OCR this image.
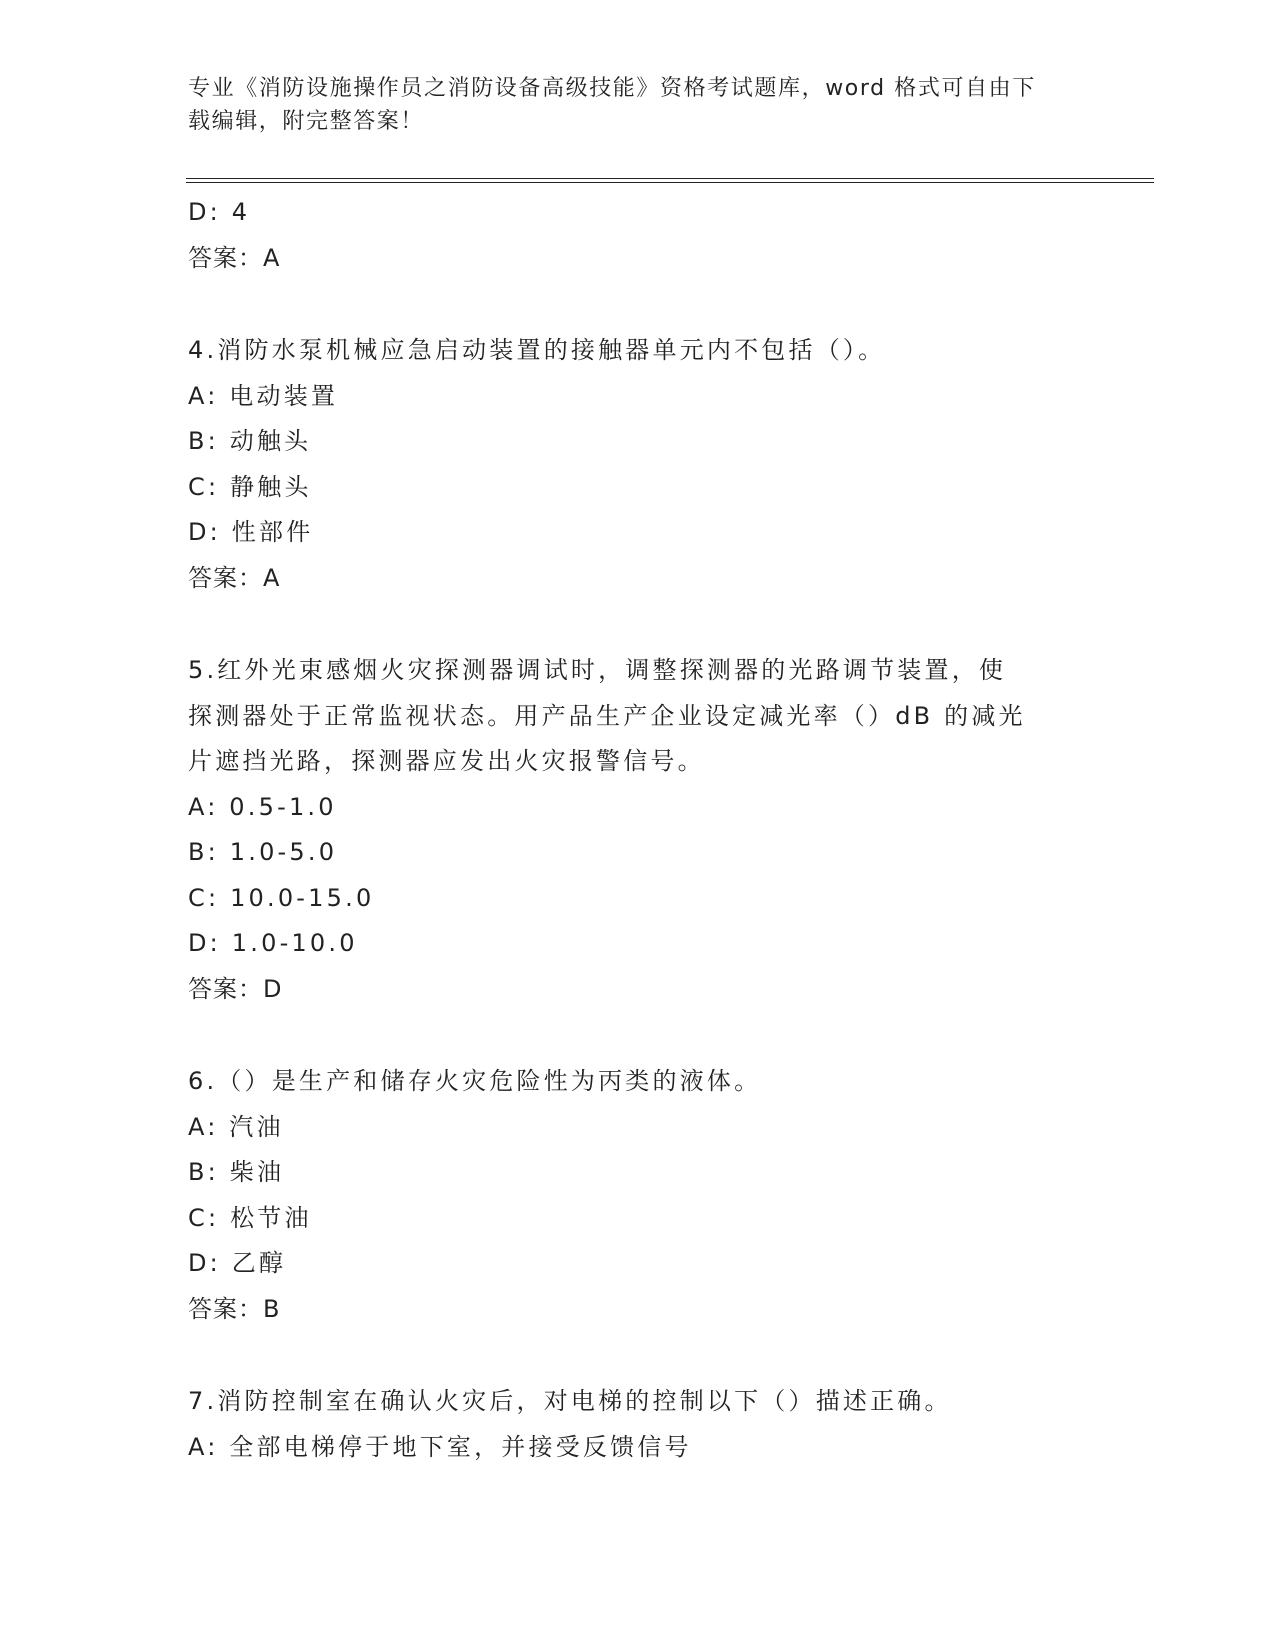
专业《消防设施操作员之消防设备高级技能》资格考试题库，word 格式可自由下
载编辑，附完整答案！
D: 4
答案：A
4.消防水泵机械应急启动装置的接触器单元内不包括（）。
A: 电动装置
B: 动触头
C: 静触头
D: 性部件
答案：A
5.红外光束感烟火灾探测器调试时，调整探测器的光路调节装置，使
探测器处于正常监视状态。用产品生产企业设定减光率（）dB 的减光
片遮挡光路，探测器应发出火灾报警信号。
A: 0.5-1.0
B: 1.0-5.0
C: 10.0-15.0
D: 1.0-10.0
答案：D
6.（）是生产和储存火灾危险性为丙类的液体。
A: 汽油
B: 柴油
C: 松节油
D: 乙醇
答案：B
7.消防控制室在确认火灾后，对电梯的控制以下（）描述正确。
A: 全部电梯停于地下室，并接受反馈信号
